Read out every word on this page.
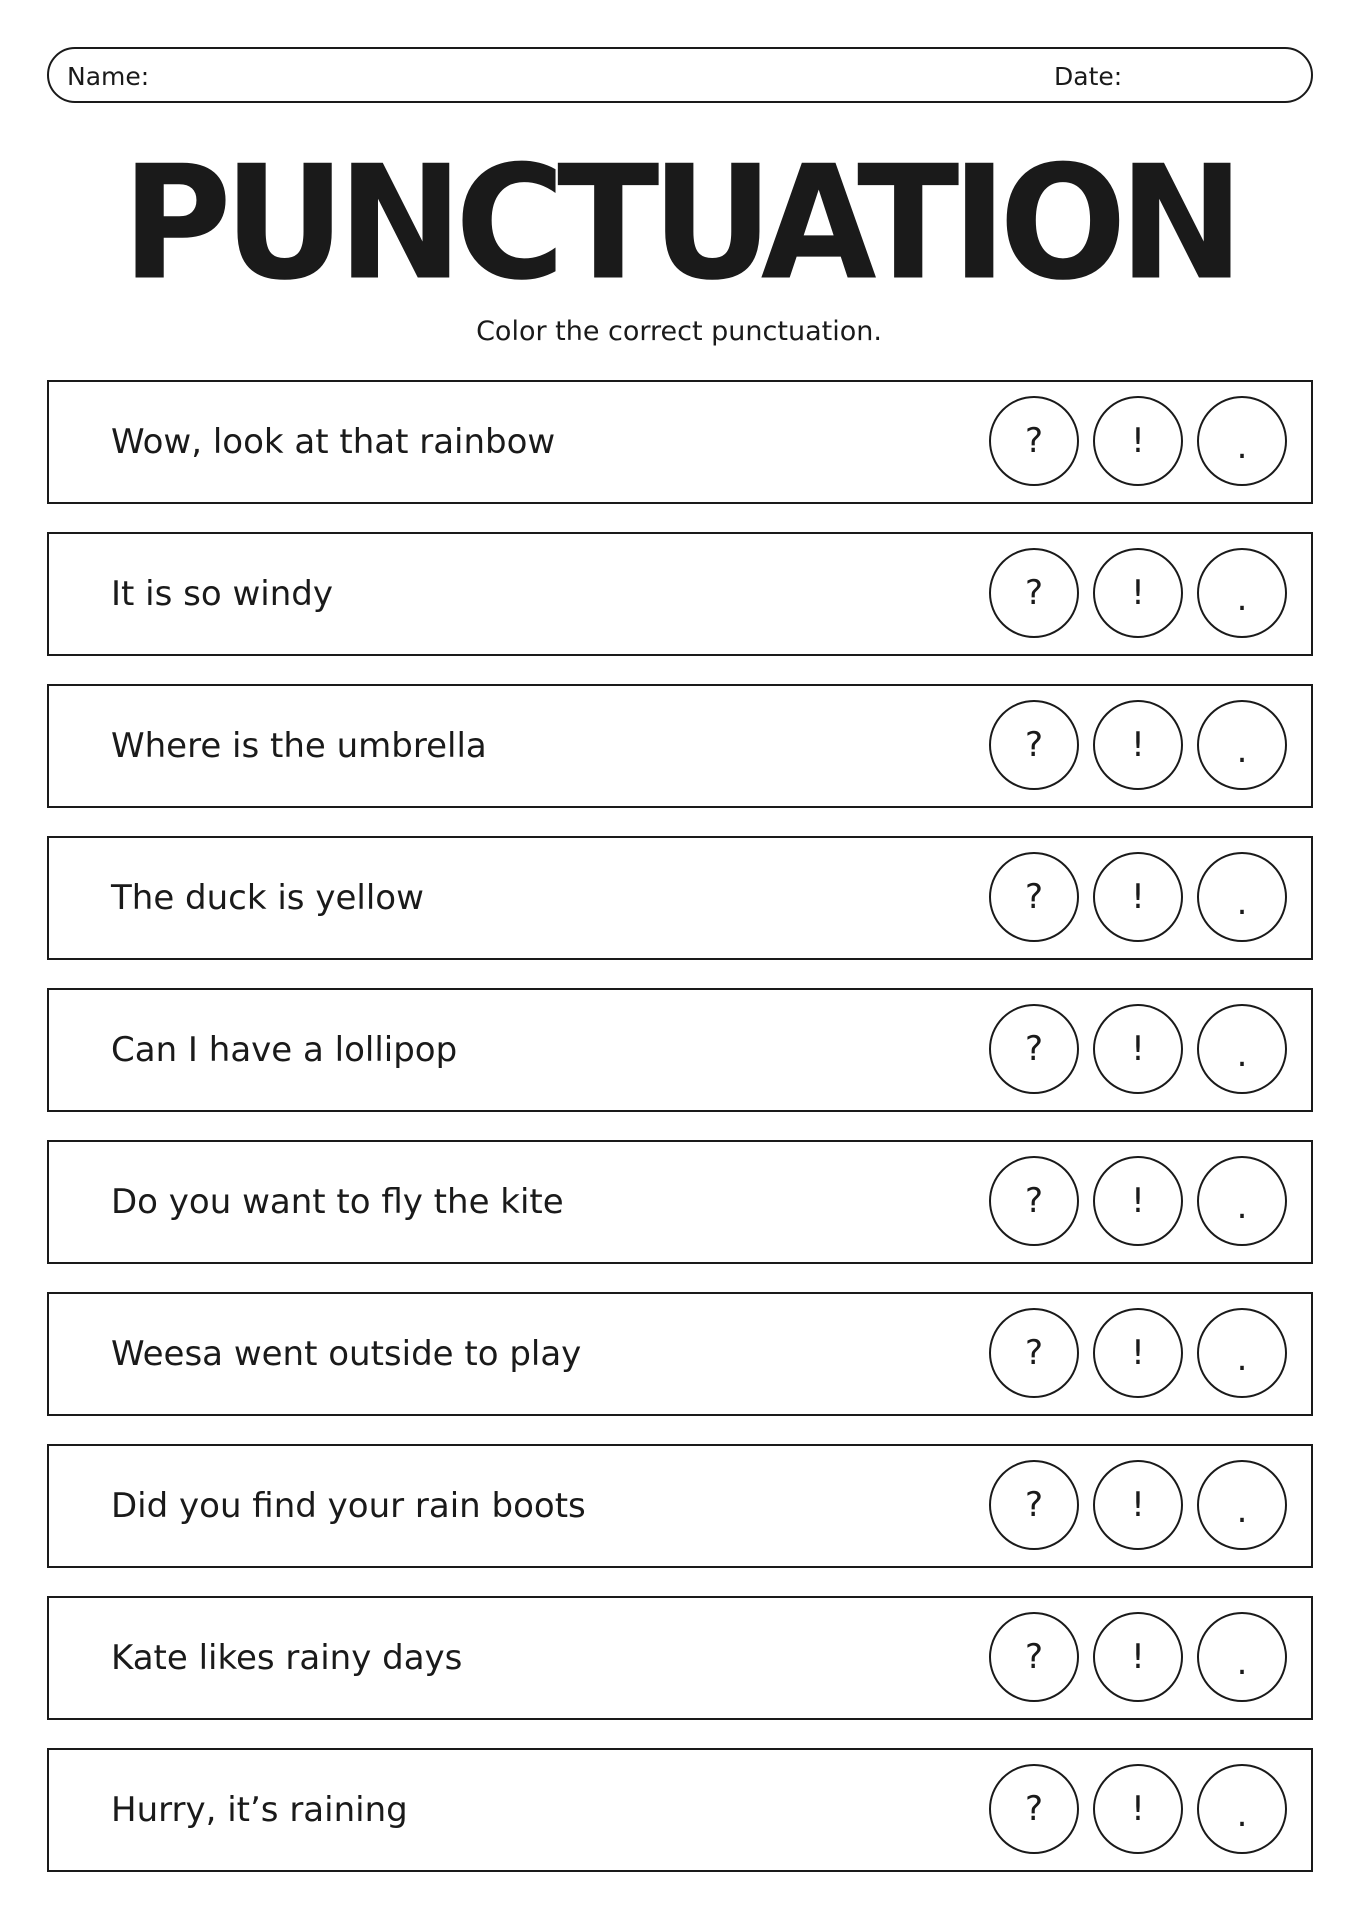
Name:	Date:
PUNCTUATION
Color the correct punctuation.
Wow, look at that rainbow	?	!	.
It is so windy	?	!	.
Where is the umbrella	?	!	.
The duck is yellow	?	!	.
Can I have a lollipop	?	!	.
Do you want to fly the kite	?	!	.
Weesa went outside to play	?	!	.
Did you find your rain boots	?	!	.
Kate likes rainy days	?	!	.
Hurry, it’s raining	?	!	.
